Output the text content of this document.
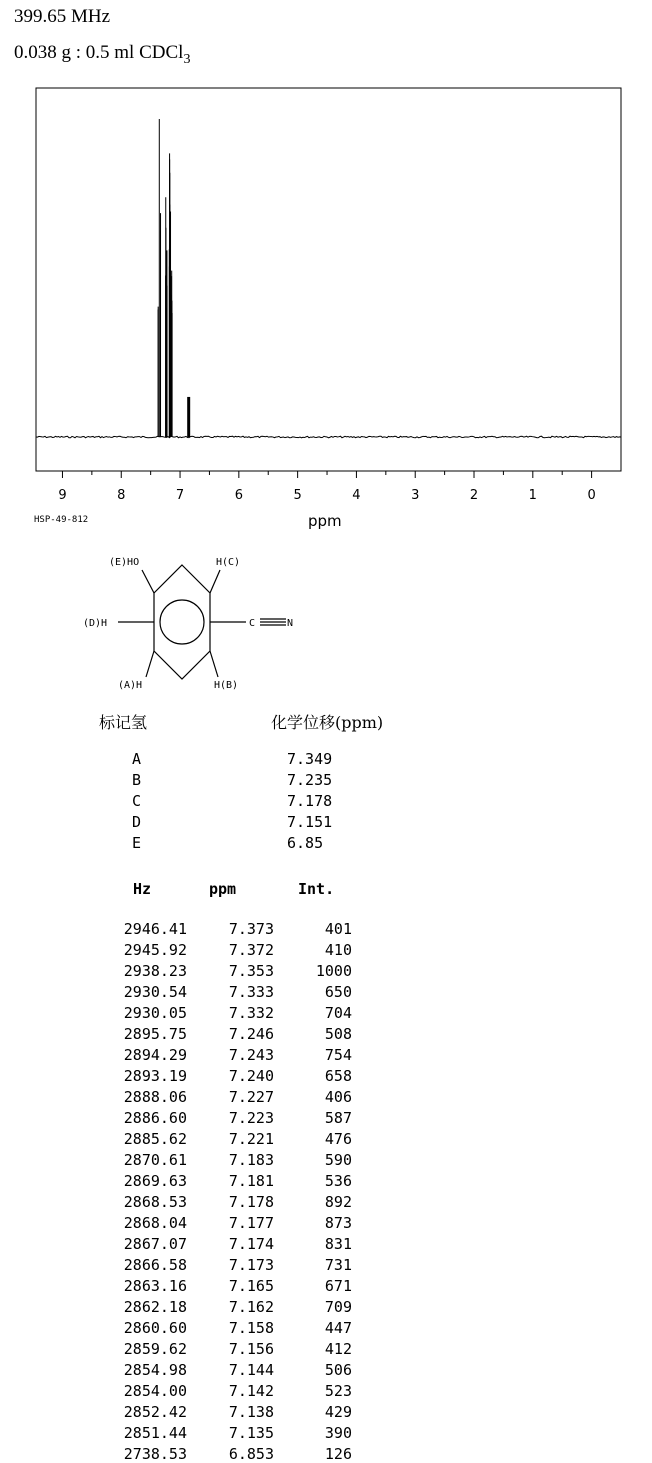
399.65 MHz
0.038 g : 0.5 ml CDCl$_3$
9	8	7	6	5	4	3	2	1	0
HSP-49-812	ppm
(E)HO	H(C)
(D)H
(A)H	H(B)
C	N
标记氢	化学位移(ppm)
A	7.349
B	7.235
C	7.178
D	7.151
E	6.85
Hz	ppm	Int.
2946.41	7.373	401
2945.92	7.372	410
2938.23	7.353	1000
2930.54	7.333	650
2930.05	7.332	704
2895.75	7.246	508
2894.29	7.243	754
2893.19	7.240	658
2888.06	7.227	406
2886.60	7.223	587
2885.62	7.221	476
2870.61	7.183	590
2869.63	7.181	536
2868.53	7.178	892
2868.04	7.177	873
2867.07	7.174	831
2866.58	7.173	731
2863.16	7.165	671
2862.18	7.162	709
2860.60	7.158	447
2859.62	7.156	412
2854.98	7.144	506
2854.00	7.142	523
2852.42	7.138	429
2851.44	7.135	390
2738.53	6.853	126
